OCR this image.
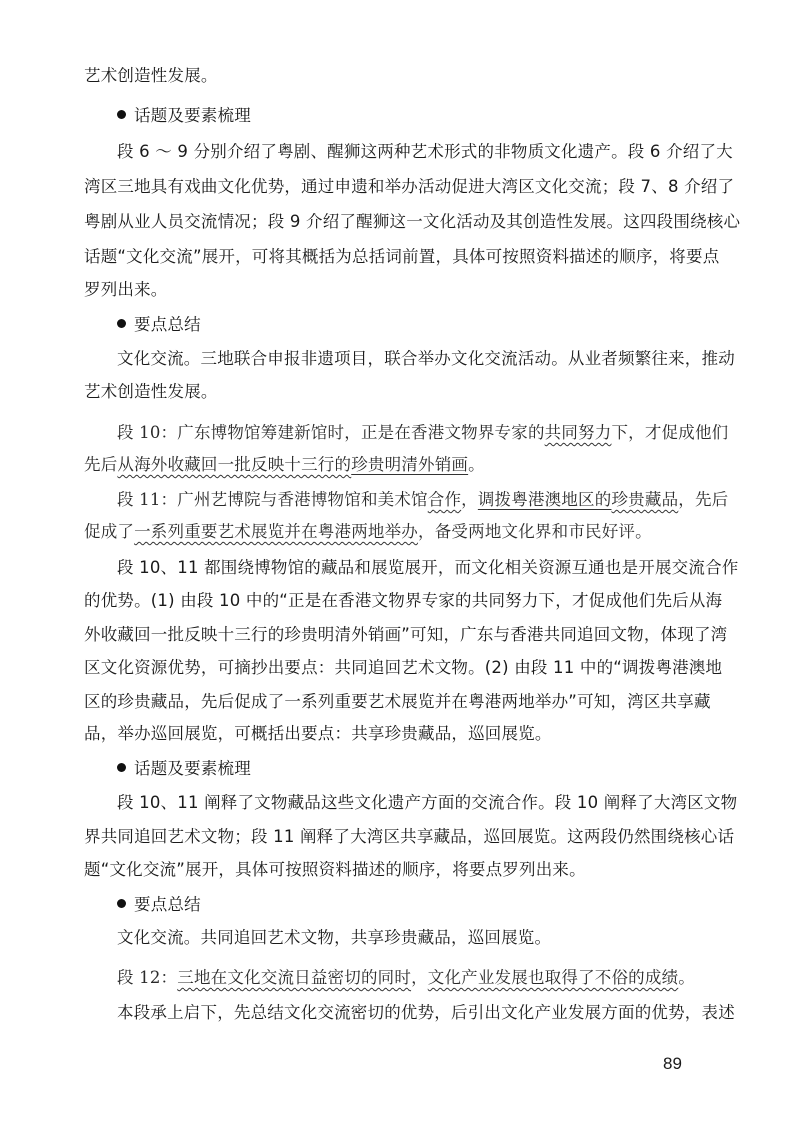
艺术创造性发展。
话题及要素梳理
段 6 ～ 9 分别介绍了粤剧、醒狮这两种艺术形式的非物质文化遗产。段 6 介绍了大
湾区三地具有戏曲文化优势，通过申遗和举办活动促进大湾区文化交流；段 7、8 介绍了
粤剧从业人员交流情况；段 9 介绍了醒狮这一文化活动及其创造性发展。这四段围绕核心
话题“文化交流”展开，可将其概括为总括词前置，具体可按照资料描述的顺序，将要点
罗列出来。
要点总结
文化交流。三地联合申报非遗项目，联合举办文化交流活动。从业者频繁往来，推动
艺术创造性发展。
段 10：广东博物馆筹建新馆时，正是在香港文物界专家的共同努力下，才促成他们
先后从海外收藏回一批反映十三行的珍贵明清外销画。
段 11：广州艺博院与香港博物馆和美术馆合作，调拨粤港澳地区的珍贵藏品，先后
促成了一系列重要艺术展览并在粤港两地举办，备受两地文化界和市民好评。
段 10、11 都围绕博物馆的藏品和展览展开，而文化相关资源互通也是开展交流合作
的优势。(1) 由段 10 中的“正是在香港文物界专家的共同努力下，才促成他们先后从海
外收藏回一批反映十三行的珍贵明清外销画”可知，广东与香港共同追回文物，体现了湾
区文化资源优势，可摘抄出要点：共同追回艺术文物。(2) 由段 11 中的“调拨粤港澳地
区的珍贵藏品，先后促成了一系列重要艺术展览并在粤港两地举办”可知，湾区共享藏
品，举办巡回展览，可概括出要点：共享珍贵藏品，巡回展览。
话题及要素梳理
段 10、11 阐释了文物藏品这些文化遗产方面的交流合作。段 10 阐释了大湾区文物
界共同追回艺术文物；段 11 阐释了大湾区共享藏品，巡回展览。这两段仍然围绕核心话
题“文化交流”展开，具体可按照资料描述的顺序，将要点罗列出来。
要点总结
文化交流。共同追回艺术文物，共享珍贵藏品，巡回展览。
段 12：三地在文化交流日益密切的同时，文化产业发展也取得了不俗的成绩。
本段承上启下，先总结文化交流密切的优势，后引出文化产业发展方面的优势，表述
89
